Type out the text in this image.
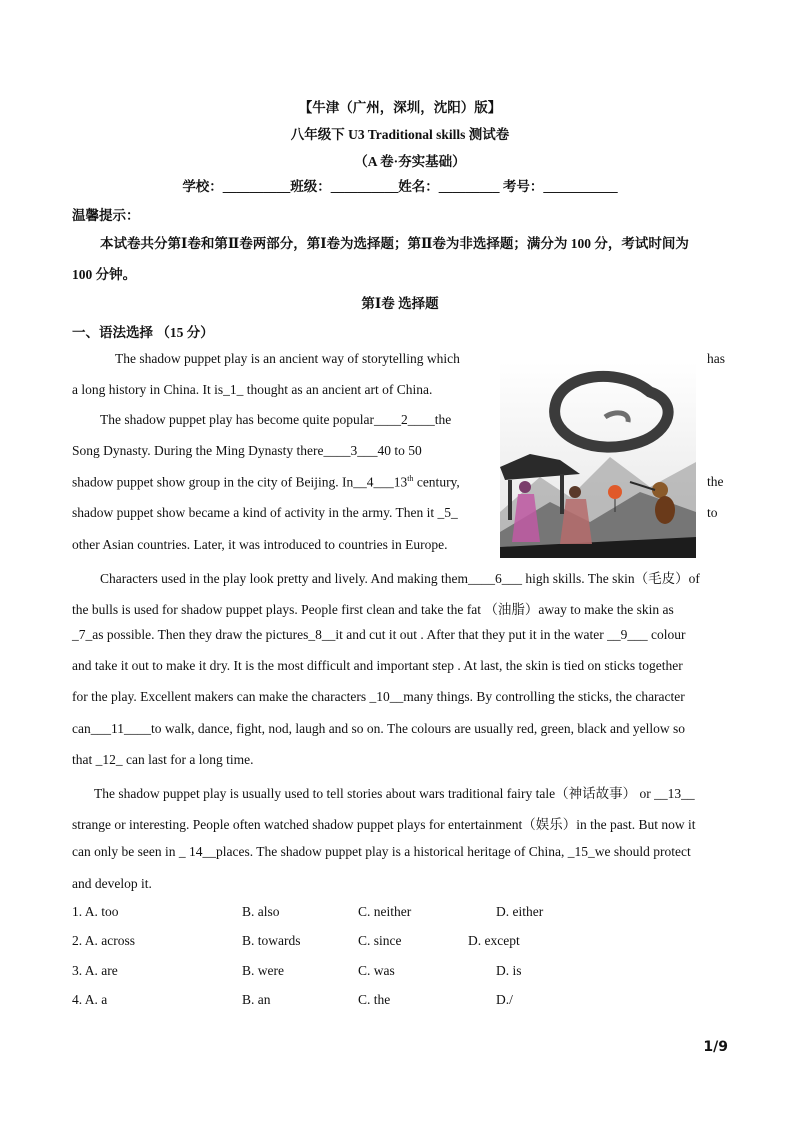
【牛津（广州，深圳，沈阳）版】
八年级下 U3 Traditional skills 测试卷
（A 卷·夯实基础）
学校：__________班级：__________姓名：_________ 考号：___________
温馨提示：
本试卷共分第Ⅰ卷和第Ⅱ卷两部分，第Ⅰ卷为选择题；第Ⅱ卷为非选择题；满分为 100 分，考试时间为
100 分钟。
第Ⅰ卷 选择题
一、语法选择 （15 分）
The shadow puppet play is an ancient way of storytelling which	has
a long history in China. It is_1_ thought as an ancient art of China.
The shadow puppet play has become quite popular____2____the
Song Dynasty. During the Ming Dynasty there____3___40 to 50
shadow puppet show group in the city of Beijing. In__4___13th century,	the
shadow puppet show became a kind of activity in the army. Then it _5_	to
other Asian countries. Later, it was introduced to countries in Europe.
Characters used in the play look pretty and lively. And making them____6___ high skills. The skin（毛皮）of
the bulls is used for shadow puppet plays. People first clean and take the fat （油脂）away to make the skin as
_7_as possible. Then they draw the pictures_8__it and cut it out . After that they put it in the water __9___ colour
and take it out to make it dry. It is the most difficult and important step . At last, the skin is tied on sticks together
for the play. Excellent makers can make the characters _10__many things. By controlling the sticks, the character
can___11____to walk, dance, fight, nod, laugh and so on. The colours are usually red, green, black and yellow so
that _12_ can last for a long time.
The shadow puppet play is usually used to tell stories about wars traditional fairy tale（神话故事） or __13__
strange or interesting. People often watched shadow puppet plays for entertainment（娱乐）in the past. But now it
can only be seen in _ 14__places. The shadow puppet play is a historical heritage of China, _15_we should protect
and develop it.
1. A. too	B. also	C. neither	D. either
2. A. across	B. towards	C. since	D. except
3. A. are	B. were	C. was	D. is
4. A. a	B. an	C. the	D./
1/9
